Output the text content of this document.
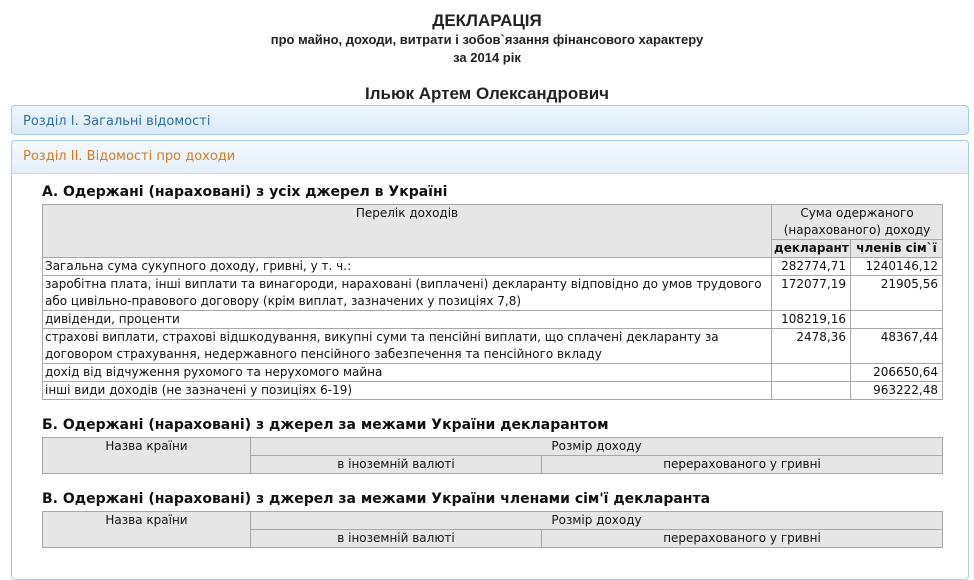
ДЕКЛАРАЦІЯ
про майно, доходи, витрати і зобов`язання фінансового характеру
за 2014 рік
Ільюк Артем Олександрович
Розділ I. Загальні відомості
Розділ II. Відомості про доходи
А. Одержані (нараховані) з усіх джерел в Україні
Перелік доходів	Сума одержаного (нарахованого) доходу	
	декларант	членів сім`ї
Загальна сума сукупного доходу, гривні, у т. ч.:	282774,71	1240146,12
заробітна плата, інші виплати та винагороди, нараховані (виплачені) декларанту відповідно до умов трудового або цивільно-правового договору (крім виплат, зазначених у позиціях 7,8)	172077,19	21905,56
дивіденди, проценти	108219,16	
страхові виплати, страхові відшкодування, викупні суми та пенсійні виплати, що сплачені декларанту за договором страхування, недержавного пенсійного забезпечення та пенсійного вкладу	2478,36	48367,44
дохід від відчуження рухомого та нерухомого майна		206650,64
інші види доходів (не зазначені у позиціях 6-19)		963222,48
Б. Одержані (нараховані) з джерел за межами України декларантом
Назва країни	Розмір доходу	
	в іноземній валюті	перерахованого у гривні
В. Одержані (нараховані) з джерел за межами України членами сім'ї декларанта
Назва країни	Розмір доходу	
	в іноземній валюті	перерахованого у гривні
